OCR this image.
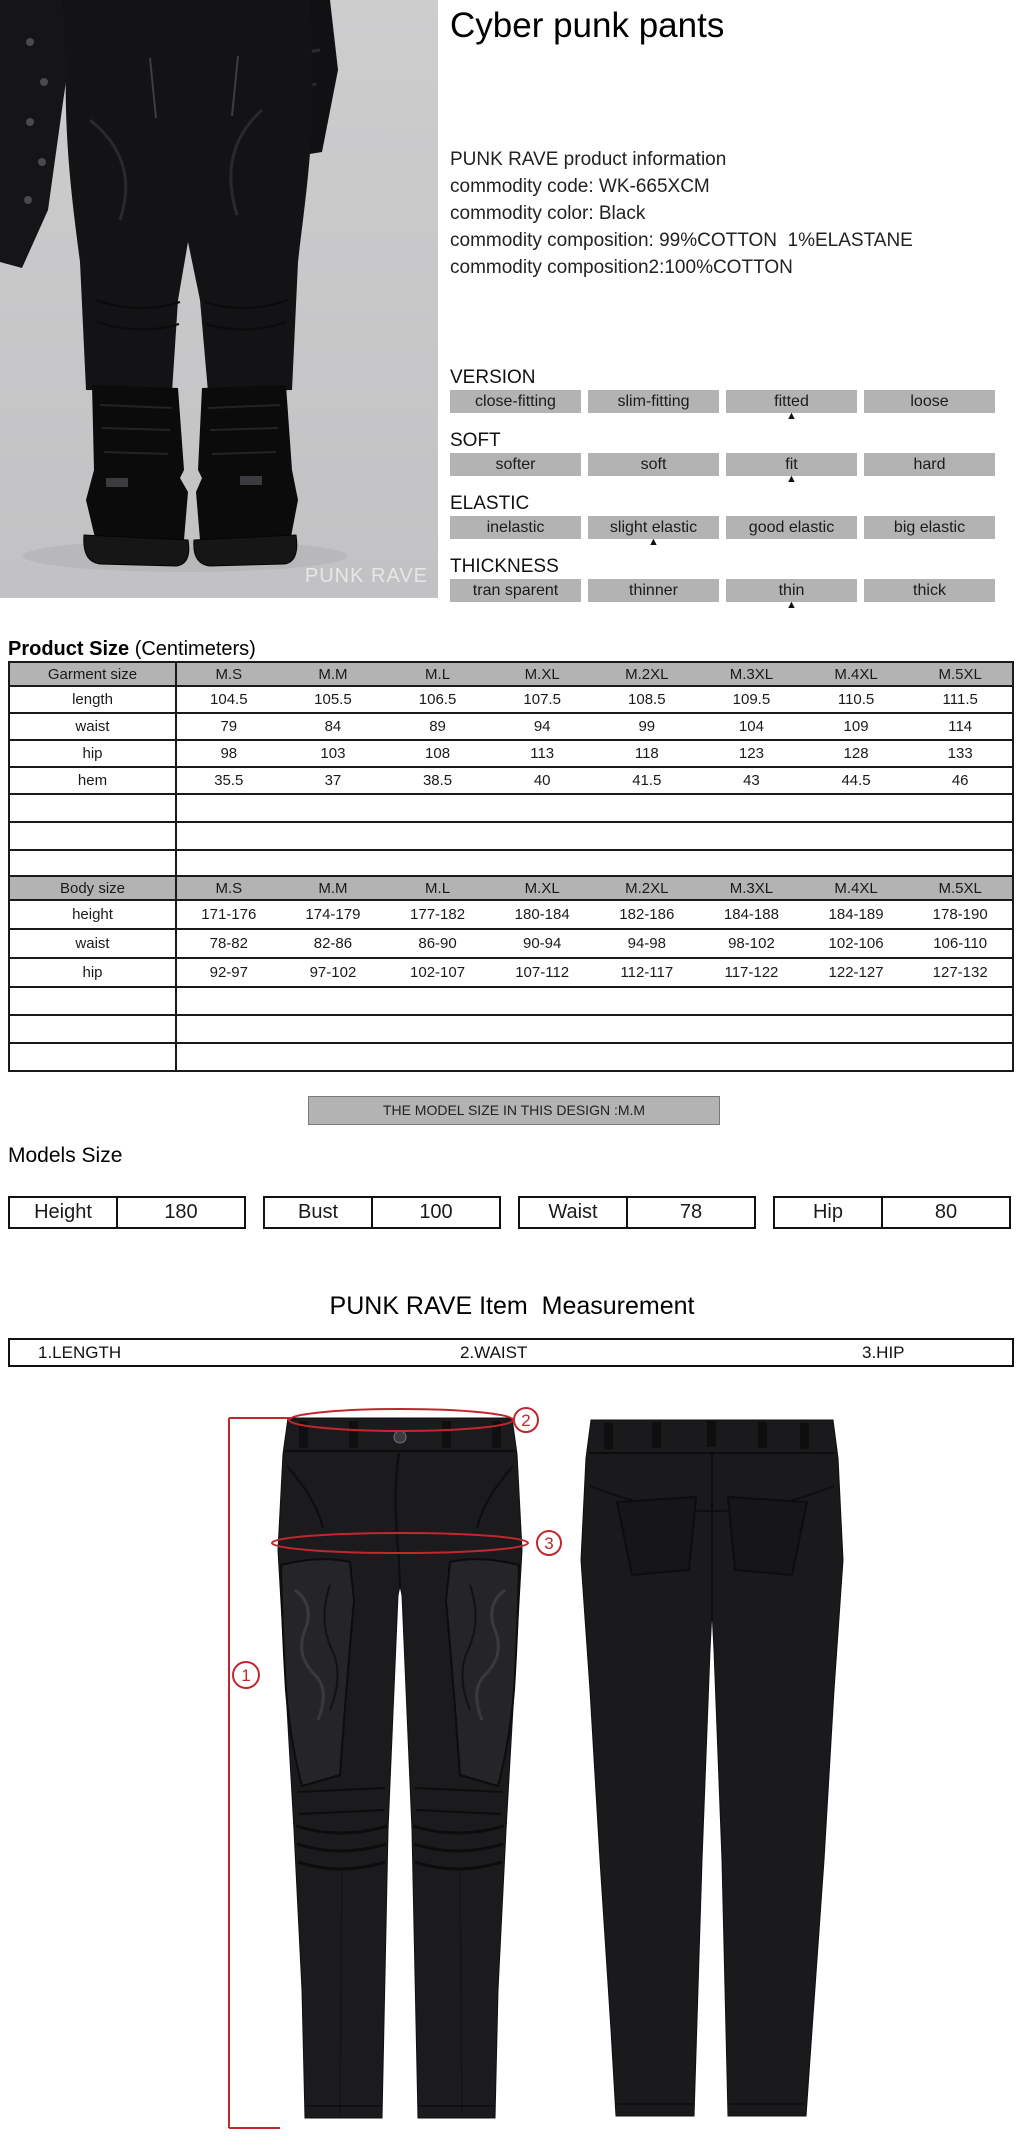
PUNK RAVE
Cyber punk pants
PUNK RAVE product information
commodity code: WK-665XCM
commodity color: Black
commodity composition: 99%COTTON  1%ELASTANE
commodity composition2:100%COTTON
VERSION
close-fitting	slim-fitting	fitted	loose
▲
SOFT
softer	soft	fit	hard
▲
ELASTIC
inelastic	slight elastic	good elastic	big elastic
▲
THICKNESS
tran sparent	thinner	thin	thick
▲
Product Size (Centimeters)
Garment size	M.S	M.M	M.L	M.XL	M.2XL	M.3XL	M.4XL	M.5XL
length	104.5	105.5	106.5	107.5	108.5	109.5	110.5	111.5
waist	79	84	89	94	99	104	109	114
hip	98	103	108	113	118	123	128	133
hem	35.5	37	38.5	40	41.5	43	44.5	46

Body size	M.S	M.M	M.L	M.XL	M.2XL	M.3XL	M.4XL	M.5XL
height	171-176	174-179	177-182	180-184	182-186	184-188	184-189	178-190
waist	78-82	82-86	86-90	90-94	94-98	98-102	102-106	106-110
hip	92-97	97-102	102-107	107-112	112-117	117-122	122-127	127-132

THE MODEL SIZE IN THIS DESIGN :M.M
Models Size
Height	180	Bust	100	Waist	78	Hip	80
PUNK RAVE Item  Measurement
1.LENGTH	2.WAIST	3.HIP
1
2
3
